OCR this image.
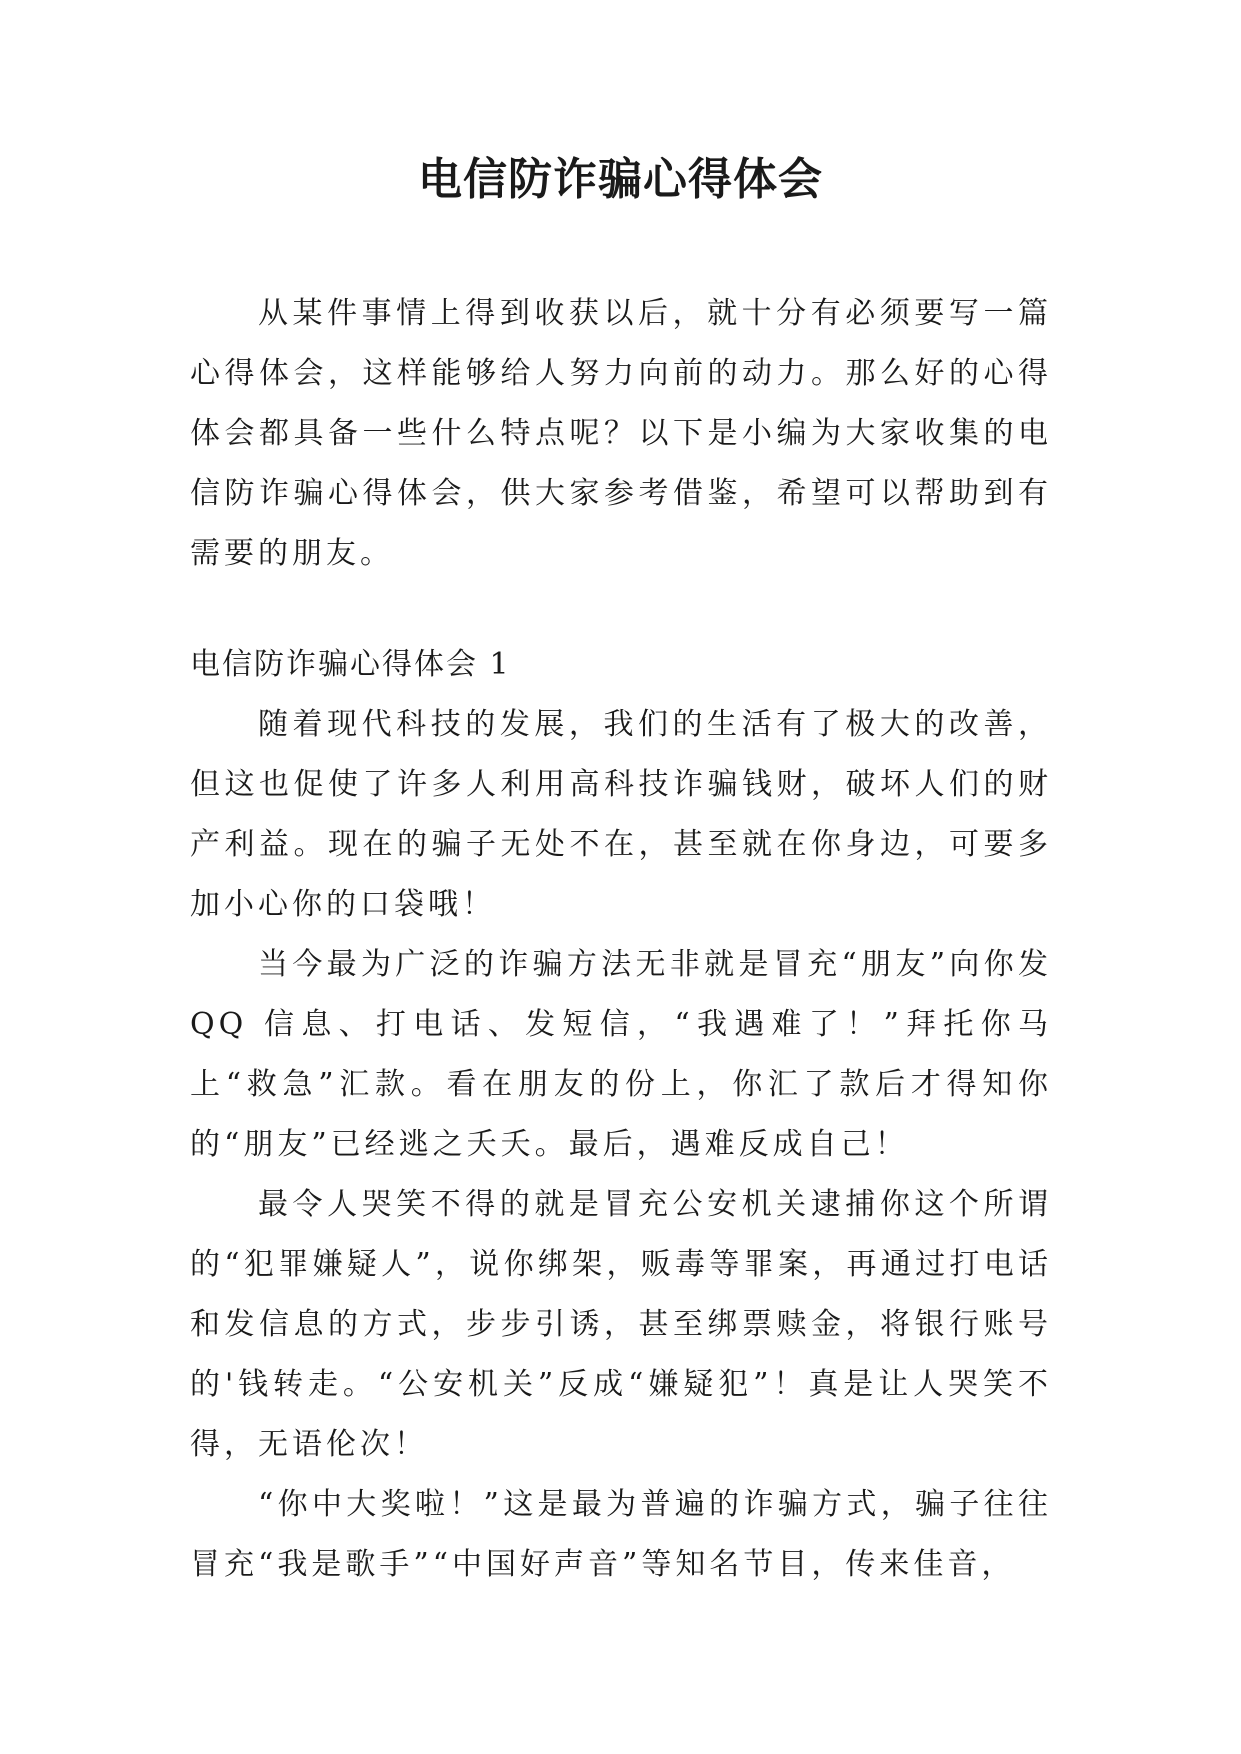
电信防诈骗心得体会

从某件事情上得到收获以后，就十分有必须要写一篇心得体会，这样能够给人努力向前的动力。那么好的心得体会都具备一些什么特点呢？以下是小编为大家收集的电信防诈骗心得体会，供大家参考借鉴，希望可以帮助到有需要的朋友。

电信防诈骗心得体会 1

随着现代科技的发展，我们的生活有了极大的改善，但这也促使了许多人利用高科技诈骗钱财，破坏人们的财产利益。现在的骗子无处不在，甚至就在你身边，可要多加小心你的口袋哦！

当今最为广泛的诈骗方法无非就是冒充“朋友”向你发QQ 信息、打电话、发短信，“我遇难了！”拜托你马上“救急”汇款。看在朋友的份上，你汇了款后才得知你的“朋友”已经逃之夭夭。最后，遇难反成自己！

最令人哭笑不得的就是冒充公安机关逮捕你这个所谓的“犯罪嫌疑人”，说你绑架，贩毒等罪案，再通过打电话和发信息的方式，步步引诱，甚至绑票赎金，将银行账号的'钱转走。“公安机关”反成“嫌疑犯”！真是让人哭笑不得，无语伦次！

“你中大奖啦！”这是最为普遍的诈骗方式，骗子往往冒充“我是歌手”“中国好声音”等知名节目，传来佳音，
